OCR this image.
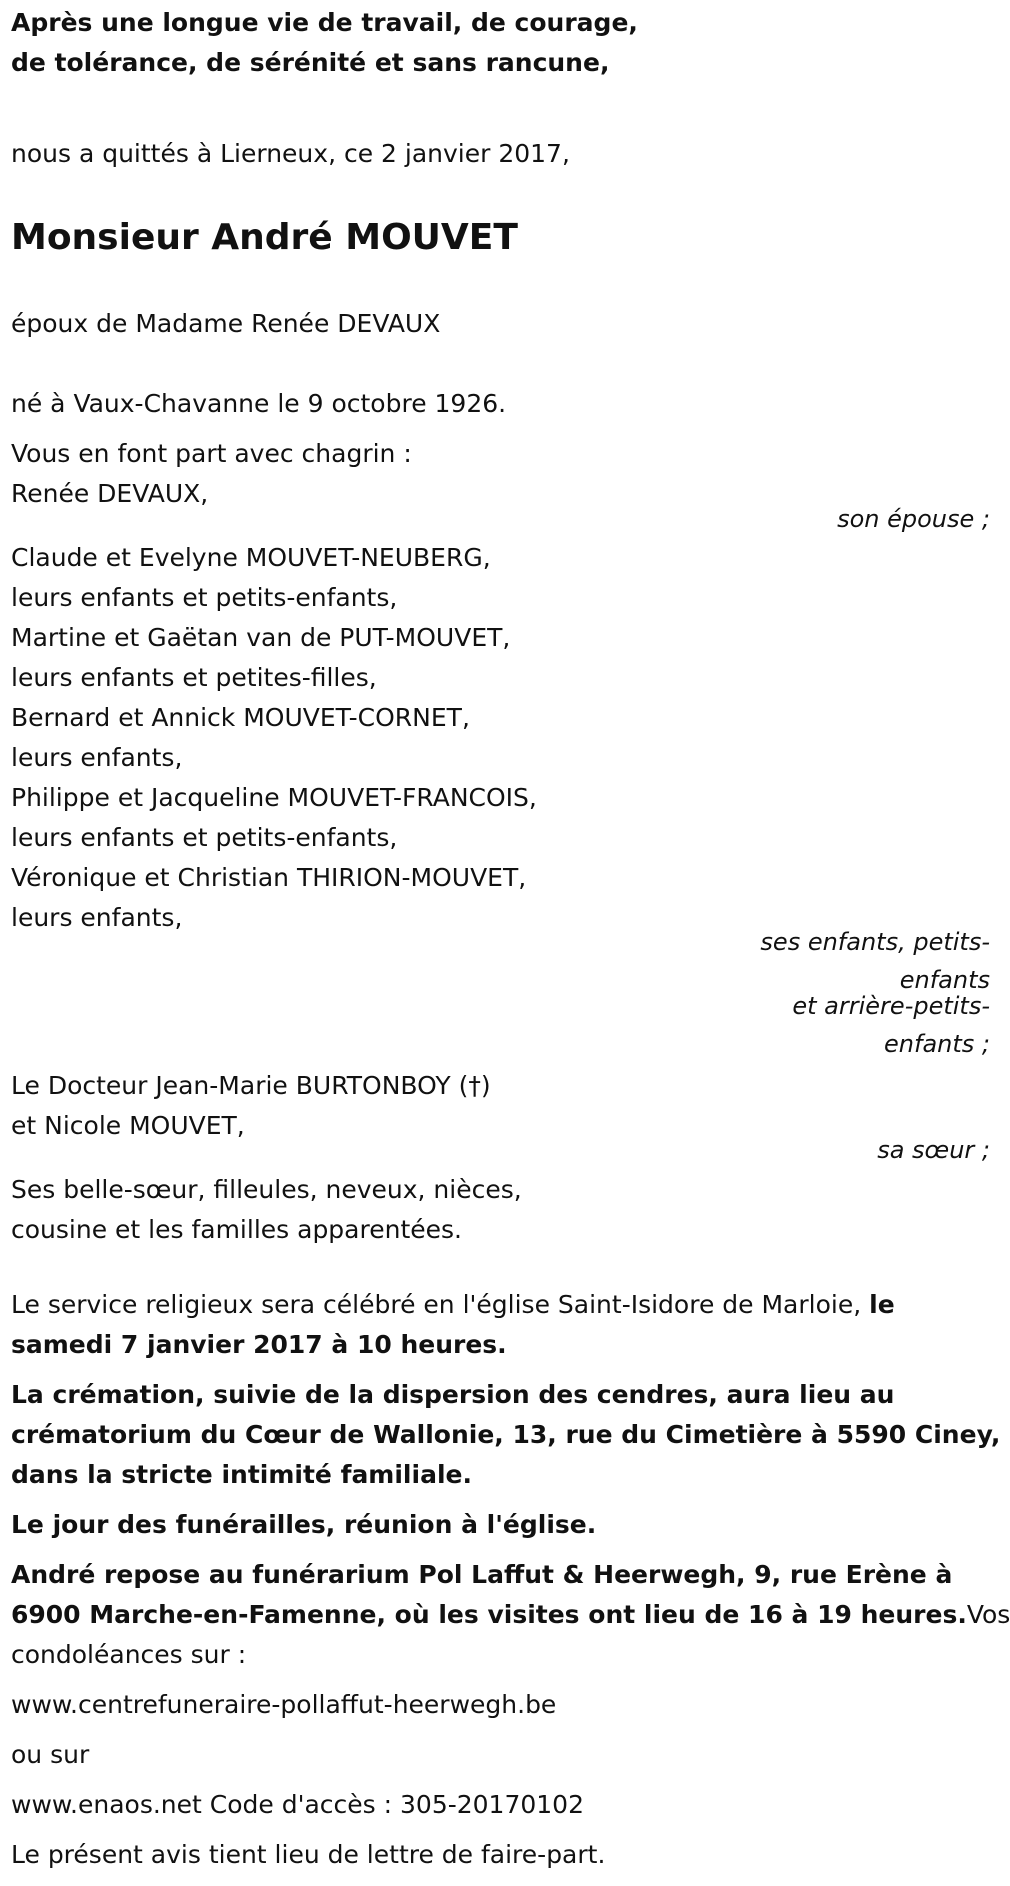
Après une longue vie de travail, de courage,
de tolérance, de sérénité et sans rancune,
nous a quittés à Lierneux, ce 2 janvier 2017,
Monsieur André MOUVET
époux de Madame Renée DEVAUX
né à Vaux-Chavanne le 9 octobre 1926.
Vous en font part avec chagrin :
Renée DEVAUX,
son épouse ;
Claude et Evelyne MOUVET-NEUBERG,
leurs enfants et petits-enfants,
Martine et Gaëtan van de PUT-MOUVET,
leurs enfants et petites-filles,
Bernard et Annick MOUVET-CORNET,
leurs enfants,
Philippe et Jacqueline MOUVET-FRANCOIS,
leurs enfants et petits-enfants,
Véronique et Christian THIRION-MOUVET,
leurs enfants,
ses enfants, petits-
enfants
et arrière-petits-
enfants ;
Le Docteur Jean-Marie BURTONBOY (†)
et Nicole MOUVET,
sa sœur ;
Ses belle-sœur, filleules, neveux, nièces,
cousine et les familles apparentées.
Le service religieux sera célébré en l'église Saint-Isidore de Marloie, le
samedi 7 janvier 2017 à 10 heures.
La crémation, suivie de la dispersion des cendres, aura lieu au
crématorium du Cœur de Wallonie, 13, rue du Cimetière à 5590 Ciney,
dans la stricte intimité familiale.
Le jour des funérailles, réunion à l'église.
André repose au funérarium Pol Laffut & Heerwegh, 9, rue Erène à
6900 Marche-en-Famenne, où les visites ont lieu de 16 à 19 heures.Vos
condoléances sur :
www.centrefuneraire-pollaffut-heerwegh.be
ou sur
www.enaos.net Code d'accès : 305-20170102
Le présent avis tient lieu de lettre de faire-part.
